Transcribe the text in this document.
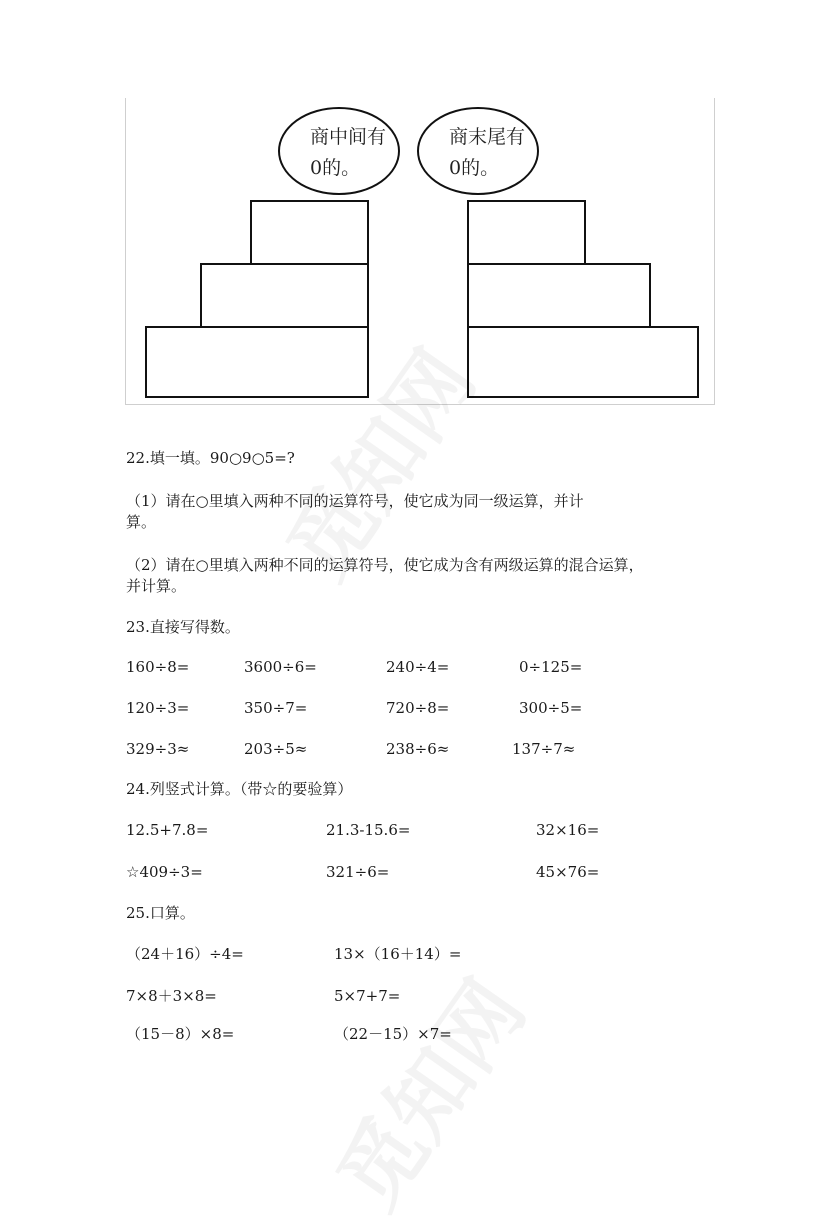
商中间有
0的。
商末尾有
0的。

22.填一填。90○9○5=?

（1）请在○里填入两种不同的运算符号，使它成为同一级运算，并计

算。

（2）请在○里填入两种不同的运算符号，使它成为含有两级运算的混合运算，

并计算。

23.直接写得数。

160÷8=	3600÷6=	240÷4=	0÷125=

120÷3=	350÷7=	720÷8=	300÷5=

329÷3≈	203÷5≈	238÷6≈	137÷7≈

24.列竖式计算。（带☆的要验算）

12.5+7.8=	21.3-15.6=	32×16=

☆409÷3=	321÷6=	45×76=

25.口算。

（24＋16）÷4=	13×（16＋14）=

7×8＋3×8=	5×7+7=

（15－8）×8=	（22－15）×7=
